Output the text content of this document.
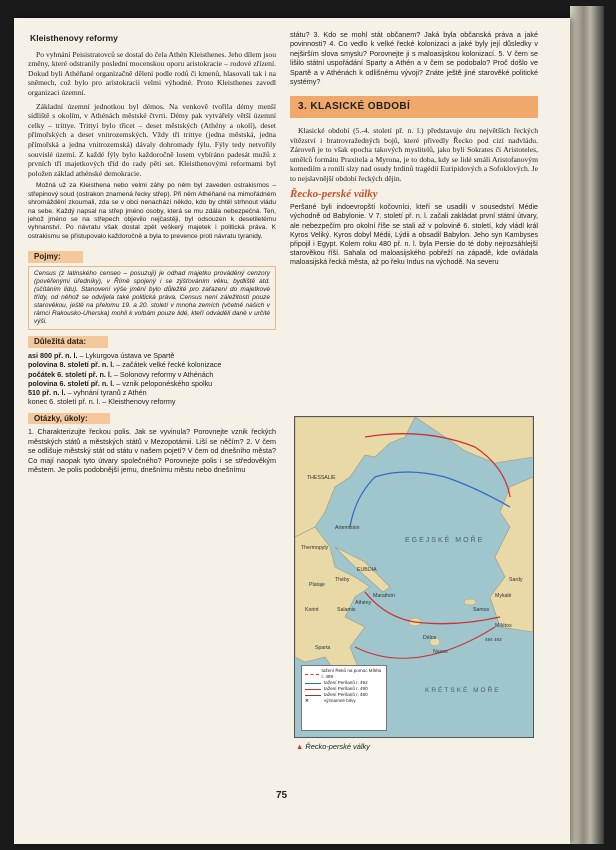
Kleisthenovy reformy

Po vyhnání Peisistratovců se dostal do čela Athén Kleisthenes. Jeho dílem jsou změny, které odstranily poslední mocenskou oporu aristokracie – rodové zřízení. Dokud byli Athéňané organizačně děleni podle rodů či kmenů, hlasovali tak i na sněmech, což bylo pro aristokracii velmi výhodné. Proto Kleisthenes zavedl organizaci územní.

Základní územní jednotkou byl démos. Na venkově tvořila démy menší sídliště s okolím, v Athénách městské čtvrti. Démy pak vytvářely větší územní celky – trittye. Trittyí bylo třicet – deset městských (Athény a okolí), deset přímořských a deset vnitrozemských. Vždy tři trittye (jedna městská, jedna přímořská a jedna vnitrozemská) dávaly dohromady fýlu. Fýly tedy netvořily souvislé území. Z každé fýly bylo každoročně losem vybíráno padesát mužů z prvních tří majetkových tříd do rady pěti set. Kleisthenovými reformami byl položen základ athénské demokracie.

Možná už za Kleisthena nebo velmi záhy po něm byl zaveden ostrakismos – střepinový soud (ostrakon znamená řecky střep). Při něm Athéňané na mimořádném shromáždění zkoumali, zda se v obci nenachází někdo, kdo by chtěl strhnout vládu na sebe. Každý napsal na střep jméno osoby, která se mu zdála nebezpečná. Ten, jehož jméno se na střepech objevilo nejčastěji, byl odsouzen k desetiletému vyhnanství. Po návratu však dostal zpět veškerý majetek i politická práva. K ostrakismu se přistupovalo každoročně a byla to prevence proti návratu tyranidy.

Pojmy:
Census (z latinského censeo – posuzuji) je odhad majetku prováděný cenzory (pověřenými úředníky), v Římě spojený i se zjišťováním věku, bydliště atd. (sčítáním lidu). Stanovení výše jmění bylo důležité pro zařazení do majetkové třídy, od něhož se odvíjela také politická práva. Census není záležitostí pouze starověkou, ještě na přelomu 19. a 20. století v mnoha zemích (včetně našich v rámci Rakousko-Uherska) mohli k volbám pouze lidé, kteří odváděli daně v určité výši.
Důležitá data:

asi 800 př. n. l. – Lykurgova ústava ve Spartě

polovina 8. století př. n. l. – začátek velké řecké kolonizace

počátek 6. století př. n. l. – Solonovy reformy v Athénách

polovina 6. století př. n. l. – vznik peloponéského spolku

510 př. n. l. – vyhnání tyranů z Athén

konec 6. století př. n. l. – Kleisthenovy reformy

Otázky, úkoly:

1. Charakterizujte řeckou polis. Jak se vyvinula? Porovnejte vznik řeckých městských států a městských států v Mezopotámii. Liší se něčím? 2. V čem se odlišuje městský stát od státu v našem pojetí? V čem od dnešního města? Co mají naopak tyto útvary společného? Porovnejte polis i se středověkým městem. Je polis podobnější jemu, dnešnímu městu nebo dnešnímu

státu? 3. Kdo se mohl stát občanem? Jaká byla občanská práva a jaké povinnosti? 4. Co vedlo k velké řecké kolonizaci a jaké byly její důsledky v nejširším slova smyslu? Porovnejte ji s maloasijskou kolonizací. 5. V čem se lišilo státní uspořádání Sparty a Athén a v čem se podobalo? Proč došlo ve Spartě a v Athénách k odlišnému vývoji? Znáte ještě jiné starověké politické systémy?

3. KLASICKÉ OBDOBÍ

Klasické období (5.-4. století př. n. l.) představuje éru největších řeckých vítězství i bratrovražedných bojů, které přivedly Řecko pod cizí nadvládu. Zároveň je to však epocha takových myslitelů, jako byli Sokrates či Aristoteles, umělců formátu Praxitela a Myrona, je to doba, kdy se lidé smáli Aristofanovým komediím a ronili slzy nad osudy hrdinů tragédií Euripidových a Sofoklových. Je to nejslavnější období řeckých dějin.

Řecko-perské války

Peršané byli indoevropští kočovníci, kteří se usadili v sousedství Médie východně od Babylonie. V 7. století př. n. l. začali zakládat první státní útvary, ale nebezpečím pro okolní říše se stali až v polovině 6. století, kdy vládl král Kyros Veliký. Kyros dobyl Médii, Lýdii a obsadil Babylon. Jeho syn Kambyses připojil i Egypt. Kolem roku 480 př. n. l. byla Persie do té doby nejrozsáhlejší starověkou říší. Sahala od maloasijského pobřeží na západě, kde ovládala maloasijská řecká města, až po řeku Indus na východě. Na severu

THESSALIE
EGEJSKÉ MOŘE
Thermopyly
Artemision
EUBOIA
Plataje
Théby
Marathón
Salamis
Athény
Korint
Sparta
Délos
Naxos
Samos
Mílétos
Sardy
Mykalé
KRÉTSKÉ MOŘE
494 493
tažení Řeků na pomoc Mílétu r. 499
tažení Peršanů r. 492
tažení Peršanů r. 490
tažení Peršanů r. 480
✕	významné bitvy
▲ Řecko-perské války
75
